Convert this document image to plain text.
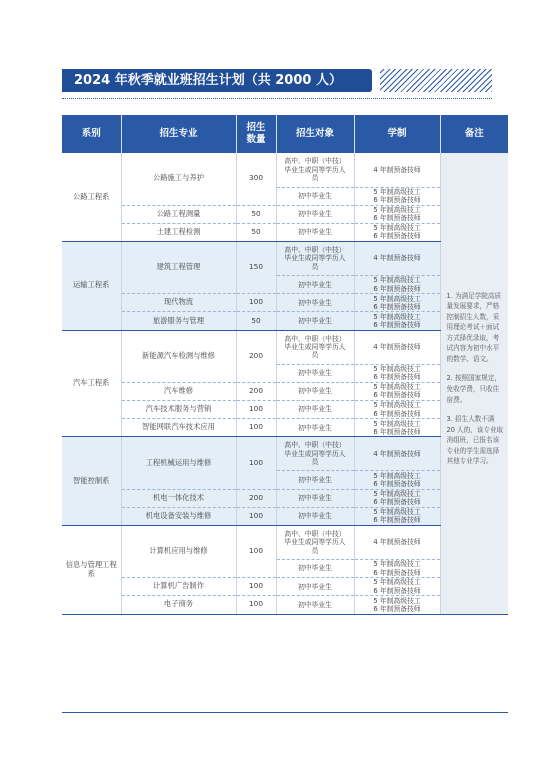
2024 年秋季就业班招生计划（共 2000 人）
系别	招生专业	招生数量	招生对象	学制	备注
公路工程系	公路施工与养护	300	高中、中职（中技）毕业生或同等学历人员	4 年制预备技师	1. 为满足学院高质量发展要求，严格控制招生人数，采用理论考试＋面试方式择优录取，考试内容为初中水平的数学、语文。

2. 按照国家规定，免收学费，只收住宿费。

3. 招生人数不满 20 人的，该专业取消组班，已报名该专业的学生需选择其他专业学习。

			初中毕业生	5 年制高级技工 6 年制预备技师	
	公路工程测量	50	初中毕业生	5 年制高级技工 6 年制预备技师	
	土建工程检测	50	初中毕业生	5 年制高级技工 6 年制预备技师	
运输工程系	建筑工程管理	150	高中、中职（中技）毕业生或同等学历人员	4 年制预备技师	
			初中毕业生	5 年制高级技工 6 年制预备技师	
	现代物流	100	初中毕业生	5 年制高级技工 6 年制预备技师	
	旅游服务与管理	50	初中毕业生	5 年制高级技工 6 年制预备技师	
汽车工程系	新能源汽车检测与维修	200	高中、中职（中技）毕业生或同等学历人员	4 年制预备技师	
			初中毕业生	5 年制高级技工 6 年制预备技师	
	汽车维修	200	初中毕业生	5 年制高级技工 6 年制预备技师	
	汽车技术服务与营销	100	初中毕业生	5 年制高级技工 6 年制预备技师	
	智能网联汽车技术应用	100	初中毕业生	5 年制高级技工 6 年制预备技师	
智能控制系	工程机械运用与维修	100	高中、中职（中技）毕业生或同等学历人员	4 年制预备技师	
			初中毕业生	5 年制高级技工 6 年制预备技师	
	机电一体化技术	200	初中毕业生	5 年制高级技工 6 年制预备技师	
	机电设备安装与维修	100	初中毕业生	5 年制高级技工 6 年制预备技师	
信息与管理工程系	计算机应用与维修	100	高中、中职（中技）毕业生或同等学历人员	4 年制预备技师	
			初中毕业生	5 年制高级技工 6 年制预备技师	
	计算机广告制作	100	初中毕业生	5 年制高级技工 6 年制预备技师	
	电子商务	100	初中毕业生	5 年制高级技工 6 年制预备技师	
